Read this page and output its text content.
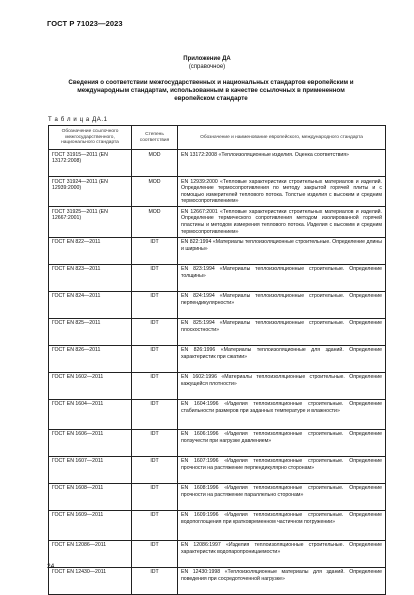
ГОСТ Р 71023—2023
Приложение ДА
(справочное)
Сведения о соответствии межгосударственных и национальных стандартов европейским и международным стандартам, использованным в качестве ссылочных в примененном европейском стандарте
Т а б л и ц а ДА.1
Обозначение ссылочного межгосударственного, национального стандарта	Степень соответствия	Обозначение и наименование европейского, международного стандарта
ГОСТ 31915—2011 (EN 13172:2008)	MOD	EN 13172:2008 «Теплоизоляционные изделия. Оценка соответствия»
ГОСТ 31924—2011 (EN 12939:2000)	MOD	EN 12939:2000 «Тепловые характеристики строительных материалов и изделий. Определение термосопротивления по методу закрытой горячей плиты и с помощью измерителей теплового потока. Толстые изделия с высоким и средним термосопротивлением»
ГОСТ 31925—2011 (EN 12667:2001)	MOD	EN 12667:2001 «Тепловые характеристики строительных материалов и изделий. Определение термического сопротивления методом изолированной горячей пластины и методом измерения теплового потока. Изделия с высоким и средним термосопротивлением»
ГОСТ EN 822—2011	IDT	EN 822:1994 «Материалы теплоизоляционные строительные. Определение длины и ширины»
ГОСТ EN 823—2011	IDT	EN 823:1994 «Материалы теплоизоляционные строительные. Определение толщины»
ГОСТ EN 824—2011	IDT	EN 824:1994 «Материалы теплоизоляционные строительные. Определение перпендикулярности»
ГОСТ EN 825—2011	IDT	EN 825:1994 «Материалы теплоизоляционные строительные. Определение плоскостности»
ГОСТ EN 826—2011	IDT	EN 826:1996 «Материалы теплоизоляционные для зданий. Определение характеристик при сжатии»
ГОСТ EN 1602—2011	IDT	EN 1602:1996 «Материалы теплоизоляционные строительные. Определение кажущейся плотности»
ГОСТ EN 1604—2011	IDT	EN 1604:1996 «Изделия теплоизоляционные строительные. Определение стабильности размеров при заданных температуре и влажности»
ГОСТ EN 1606—2011	IDT	EN 1606:1996 «Изделия теплоизоляционные строительные. Определение ползучести при нагрузке давлением»
ГОСТ EN 1607—2011	IDT	EN 1607:1996 «Изделия теплоизоляционные строительные. Определение прочности на растяжение перпендикулярно сторонам»
ГОСТ EN 1608—2011	IDT	EN 1608:1996 «Изделия теплоизоляционные строительные. Определение прочности на растяжение параллельно сторонам»
ГОСТ EN 1609—2011	IDT	EN 1609:1996 «Изделия теплоизоляционные строительные. Определение водопоглощения при кратковременном частичном погружении»
ГОСТ EN 12086—2011	IDT	EN 12086:1997 «Изделия теплоизоляционные строительные. Определение характеристик водопаропроницаемости»
ГОСТ EN 12430—2011	IDT	EN 12430:1998 «Теплоизоляционные материалы для зданий. Определение поведения при сосредоточенной нагрузке»
24
